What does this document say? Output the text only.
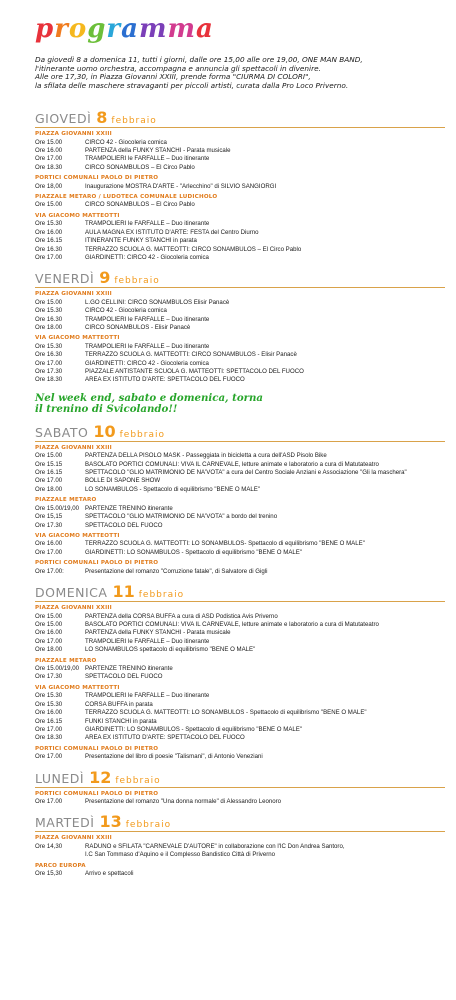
programma
Da giovedì 8 a domenica 11, tutti i giorni, dalle ore 15,00 alle ore 19,00, ONE MAN BAND,
l'itinerante uomo orchestra, accompagna e annuncia gli spettacoli in divenire.
Alle ore 17,30, in Piazza Giovanni XXIII, prende forma "CIURMA DI COLORI",
la sfilata delle maschere stravaganti per piccoli artisti, curata dalla Pro Loco Priverno.
GIOVEDÌ 8 febbraio
PIAZZA GIOVANNI XXIII
Ore 15.00	CIRCO 42 - Giocoleria comica
Ore 16.00	PARTENZA della FUNKY STANCHI - Parata musicale
Ore 17.00	TRAMPOLIERI le FARFALLE – Duo itinerante
Ore 18.30	CIRCO SONAMBULOS – El Circo Pablo
PORTICI COMUNALI PAOLO DI PIETRO
Ore 18,00	Inaugurazione MOSTRA D'ARTE - "Arlecchino" di SILVIO SANGIORGI
PIAZZALE METARO / LUDOTECA COMUNALE LUDICHOLO
Ore 15.00	CIRCO SONAMBULOS – El Circo Pablo
VIA GIACOMO MATTEOTTI
Ore 15.30	TRAMPOLIERI le FARFALLE – Duo itinerante
Ore 16.00	AULA MAGNA EX ISTITUTO D'ARTE: FESTA del Centro Diurno
Ore 16.15	ITINERANTE FUNKY STANCHI in parata
Ore 16.30	TERRAZZO SCUOLA G. MATTEOTTI: CIRCO SONAMBULOS – El Circo Pablo
Ore 17.00	GIARDINETTI: CIRCO 42 - Giocoleria comica
VENERDÌ 9 febbraio
PIAZZA GIOVANNI XXIII
Ore 15.00	L.GO CELLINI: CIRCO SONAMBULOS Elisir Panacè
Ore 15.30	CIRCO 42 - Giocoleria comica
Ore 16.30	TRAMPOLIERI le FARFALLE – Duo itinerante
Ore 18.00	CIRCO SONAMBULOS - Elisir Panacè
VIA GIACOMO MATTEOTTI
Ore 15.30	TRAMPOLIERI le FARFALLE – Duo itinerante
Ore 16.30	TERRAZZO SCUOLA G. MATTEOTTI: CIRCO SONAMBULOS - Elisir Panacè
Ore 17.00	GIARDINETTI: CIRCO 42 - Giocoleria comica
Ore 17.30	PIAZZALE ANTISTANTE SCUOLA G. MATTEOTTI: SPETTACOLO DEL FUOCO
Ore 18.30	AREA EX ISTITUTO D'ARTE: SPETTACOLO DEL FUOCO
Nel week end, sabato e domenica, torna
il trenino di Svicolando!!
SABATO 10 febbraio
PIAZZA GIOVANNI XXIII
Ore 15.00	PARTENZA DELLA PISOLO MASK - Passeggiata in bicicletta a cura dell'ASD Pisolo Bike
Ore 15.15	BASOLATO PORTICI COMUNALI: VIVA IL CARNEVALE, letture animate e laboratorio a cura di Matutateatro
Ore 16.15	SPETTACOLO "GLIO MATRIMONIO DE NA'VOTA" a cura del Centro Sociale Anziani e Associazione "Gli la maschera"
Ore 17.00	BOLLE DI SAPONE SHOW
Ore 18.00	LO SONAMBULOS - Spettacolo di equilibrismo "BENE O MALE"
PIAZZALE METARO
Ore 15.00/19,00 PARTENZE TRENINO itinerante
Ore 15,15	SPETTACOLO "GLIO MATRIMONIO DE NA'VOTA" a bordo del trenino
Ore 17.30	SPETTACOLO DEL FUOCO
VIA GIACOMO MATTEOTTI
Ore 16.00	TERRAZZO SCUOLA G. MATTEOTTI: LO SONAMBULOS- Spettacolo di equilibrismo "BENE O MALE"
Ore 17.00	GIARDINETTI: LO SONAMBULOS - Spettacolo di equilibrismo "BENE O MALE"
PORTICI COMUNALI PAOLO DI PIETRO
Ore 17.00:	Presentazione del romanzo "Corruzione fatale", di Salvatore di Gigli
DOMENICA 11 febbraio
PIAZZA GIOVANNI XXIII
Ore 15.00	PARTENZA della CORSA BUFFA a cura di ASD Podistica Avis Priverno
Ore 15.00	BASOLATO PORTICI COMUNALI: VIVA IL CARNEVALE, letture animate e laboratorio a cura di Matutateatro
Ore 16.00	PARTENZA della FUNKY STANCHI - Parata musicale
Ore 17.00	TRAMPOLIERI le FARFALLE – Duo itinerante
Ore 18.00	LO SONAMBULOS spettacolo di equilibrismo "BENE O MALE"
PIAZZALE METARO
Ore 15.00/19,00 PARTENZE TRENINO itinerante
Ore 17.30	SPETTACOLO DEL FUOCO
VIA GIACOMO MATTEOTTI
Ore 15.30	TRAMPOLIERI le FARFALLE – Duo itinerante
Ore 15.30	CORSA BUFFA in parata
Ore 16.00	TERRAZZO SCUOLA G. MATTEOTTI: LO SONAMBULOS - Spettacolo di equilibrismo "BENE O MALE"
Ore 16.15	FUNKI STANCHI in parata
Ore 17.00	GIARDINETTI: LO SONAMBULOS - Spettacolo di equilibrismo "BENE O MALE"
Ore 18.30	AREA EX ISTITUTO D'ARTE: SPETTACOLO DEL FUOCO
PORTICI COMUNALI PAOLO DI PIETRO
Ore 17.00	Presentazione del libro di poesie "Talismani", di Antonio Veneziani
LUNEDÌ 12 febbraio
PORTICI COMUNALI PAOLO DI PIETRO
Ore 17.00	Presentazione del romanzo "Una donna normale" di Alessandro Leonoro
MARTEDÌ 13 febbraio
PIAZZA GIOVANNI XXIII
Ore 14,30	RADUNO e SFILATA "CARNEVALE D'AUTORE" in collaborazione con l'IC Don Andrea Santoro,
I.C San Tommaso d'Aquino e il Complesso Bandistico Città di Priverno
PARCO EUROPA
Ore 15,30	Arrivo e spettacoli
